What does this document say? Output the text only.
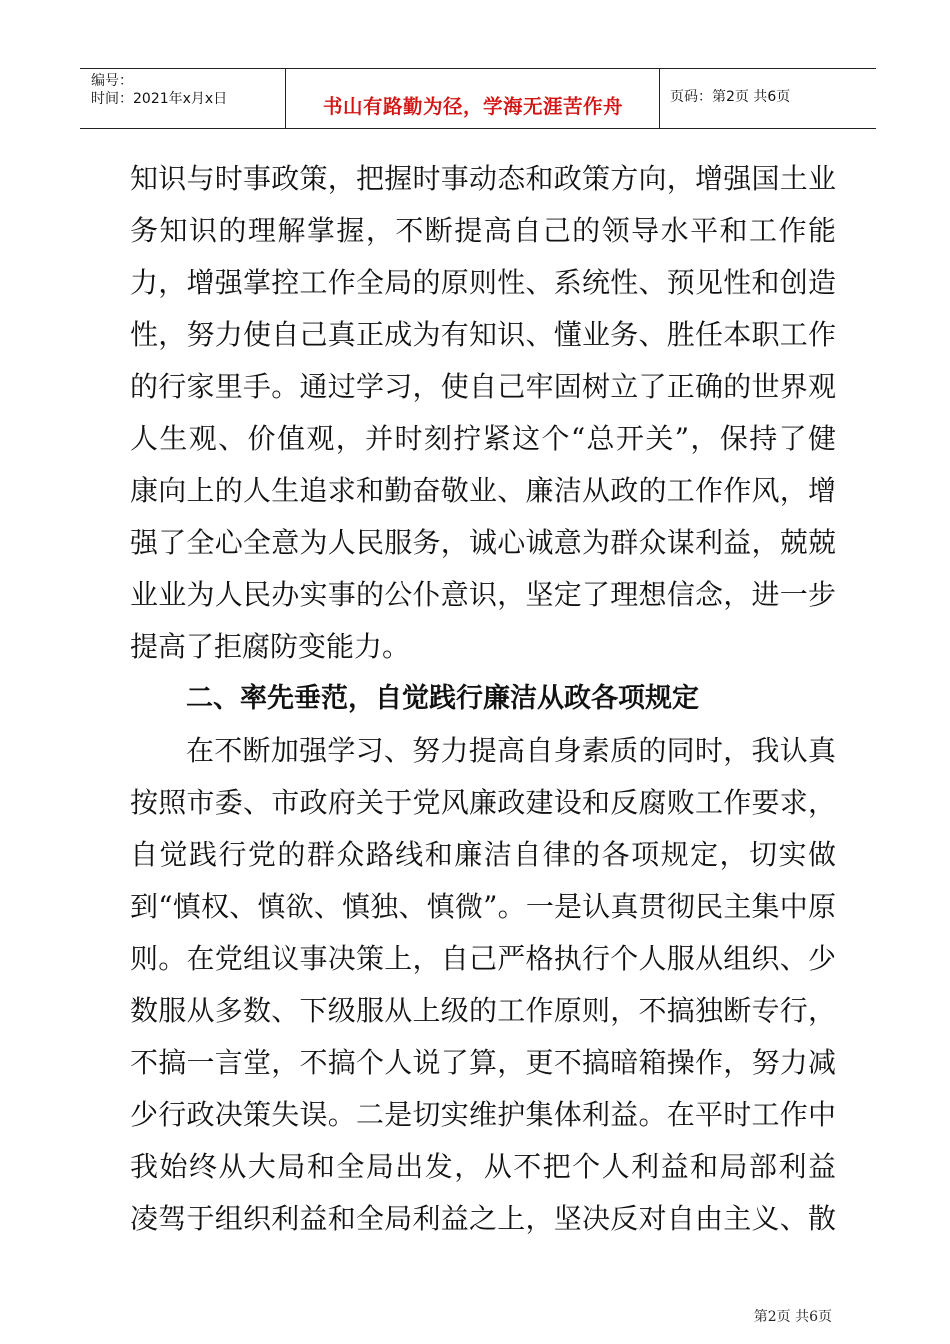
编号：
时间：2021年x月x日	书山有路勤为径，学海无涯苦作舟	页码：第2页 共6页
知识与时事政策，把握时事动态和政策方向，增强国土业
务知识的理解掌握，不断提高自己的领导水平和工作能
力，增强掌控工作全局的原则性、系统性、预见性和创造
性，努力使自己真正成为有知识、懂业务、胜任本职工作
的行家里手。通过学习，使自己牢固树立了正确的世界观
人生观、价值观，并时刻拧紧这个“总开关”，保持了健
康向上的人生追求和勤奋敬业、廉洁从政的工作作风，增
强了全心全意为人民服务，诚心诚意为群众谋利益，兢兢
业业为人民办实事的公仆意识，坚定了理想信念，进一步
提高了拒腐防变能力。
二、率先垂范，自觉践行廉洁从政各项规定
在不断加强学习、努力提高自身素质的同时，我认真
按照市委、市政府关于党风廉政建设和反腐败工作要求，
自觉践行党的群众路线和廉洁自律的各项规定，切实做
到“慎权、慎欲、慎独、慎微”。一是认真贯彻民主集中原
则。在党组议事决策上，自己严格执行个人服从组织、少
数服从多数、下级服从上级的工作原则，不搞独断专行，
不搞一言堂，不搞个人说了算，更不搞暗箱操作，努力减
少行政决策失误。二是切实维护集体利益。在平时工作中
我始终从大局和全局出发，从不把个人利益和局部利益
凌驾于组织利益和全局利益之上，坚决反对自由主义、散
第2页 共6页
